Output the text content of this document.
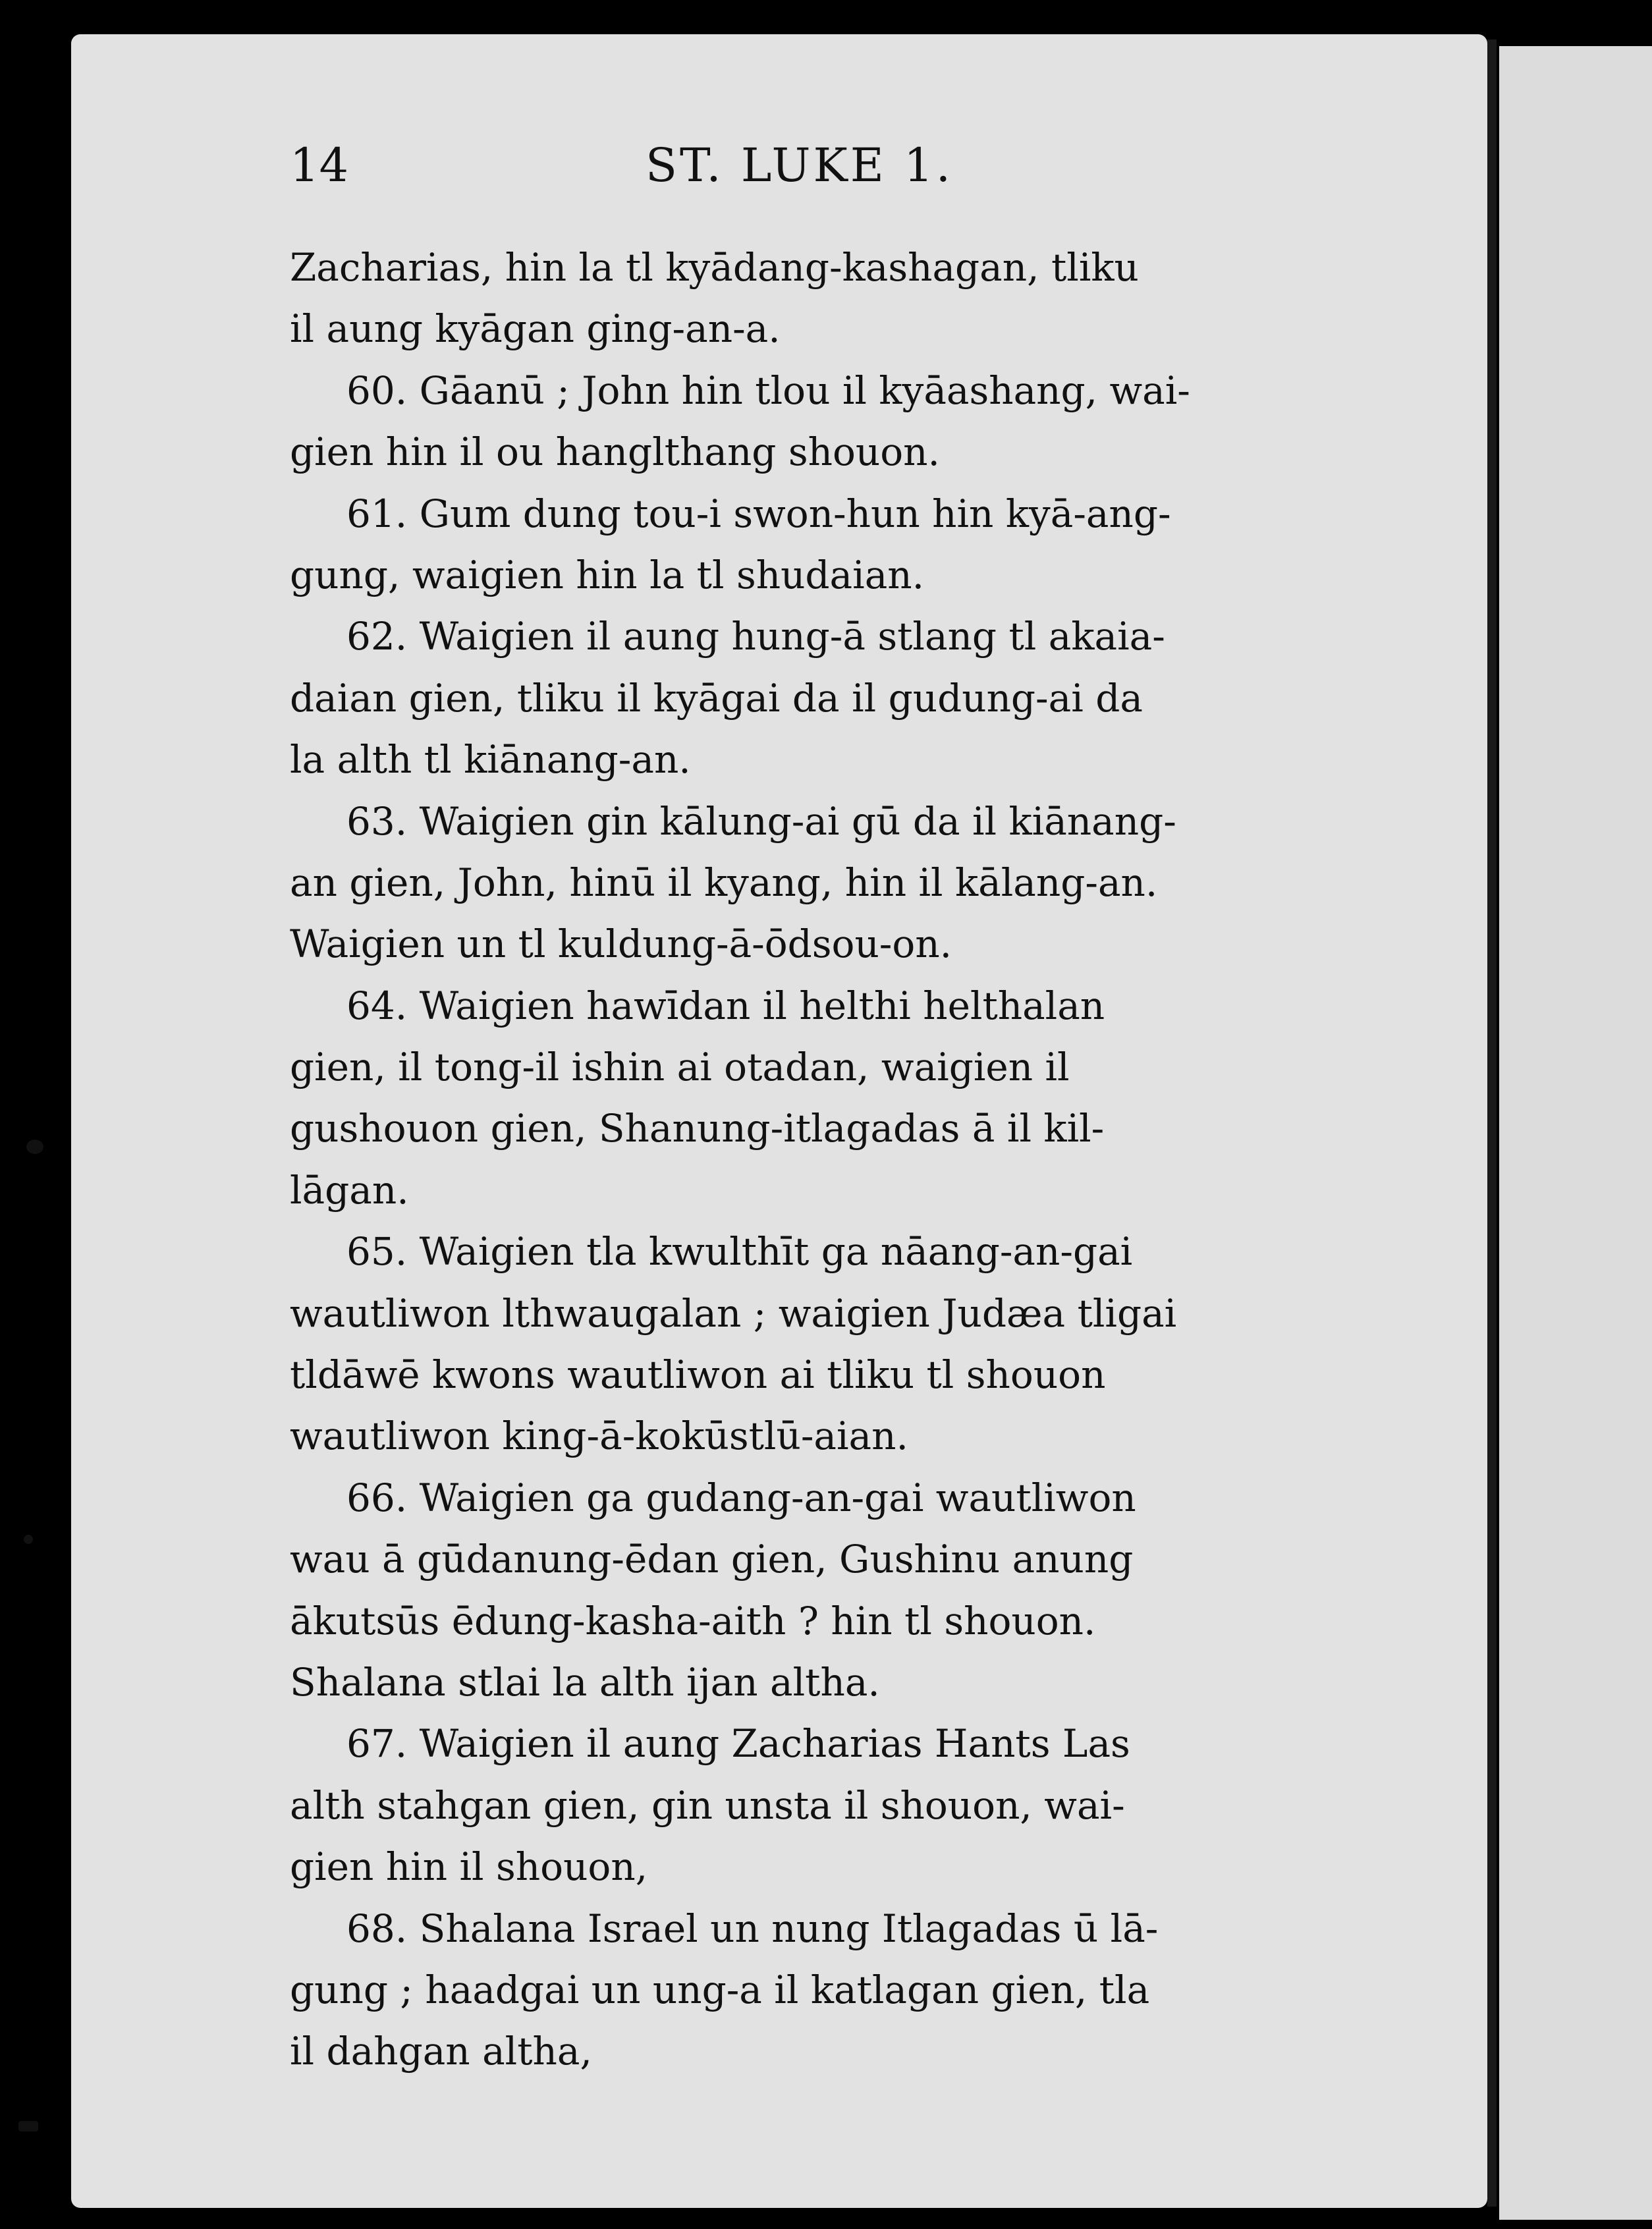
14	ST. LUKE 1.
Zacharias, hin la tl kyādang-kashagan, tliku
il aung kyāgan ging-an-a.
60. Gāanū ; John hin tlou il kyāashang, wai-
gien hin il ou hanglthang shouon.
61. Gum dung tou-i swon-hun hin kyā-ang-
gung, waigien hin la tl shudaian.
62. Waigien il aung hung-ā stlang tl akaia-
daian gien, tliku il kyāgai da il gudung-ai da
la alth tl kiānang-an.
63. Waigien gin kālung-ai gū da il kiānang-
an gien, John, hinū il kyang, hin il kālang-an.
Waigien un tl kuldung-ā-ōdsou-on.
64. Waigien hawīdan il helthi helthalan
gien, il tong-il ishin ai otadan, waigien il
gushouon gien, Shanung-itlagadas ā il kil-
lāgan.
65. Waigien tla kwulthīt ga nāang-an-gai
wautliwon lthwaugalan ; waigien Judæa tligai
tldāwē kwons wautliwon ai tliku tl shouon
wautliwon king-ā-kokūstlū-aian.
66. Waigien ga gudang-an-gai wautliwon
wau ā gūdanung-ēdan gien, Gushinu anung
ākutsūs ēdung-kasha-aith ? hin tl shouon.
Shalana stlai la alth ijan altha.
67. Waigien il aung Zacharias Hants Las
alth stahgan gien, gin unsta il shouon, wai-
gien hin il shouon,
68. Shalana Israel un nung Itlagadas ū lā-
gung ; haadgai un ung-a il katlagan gien, tla
il dahgan altha,
